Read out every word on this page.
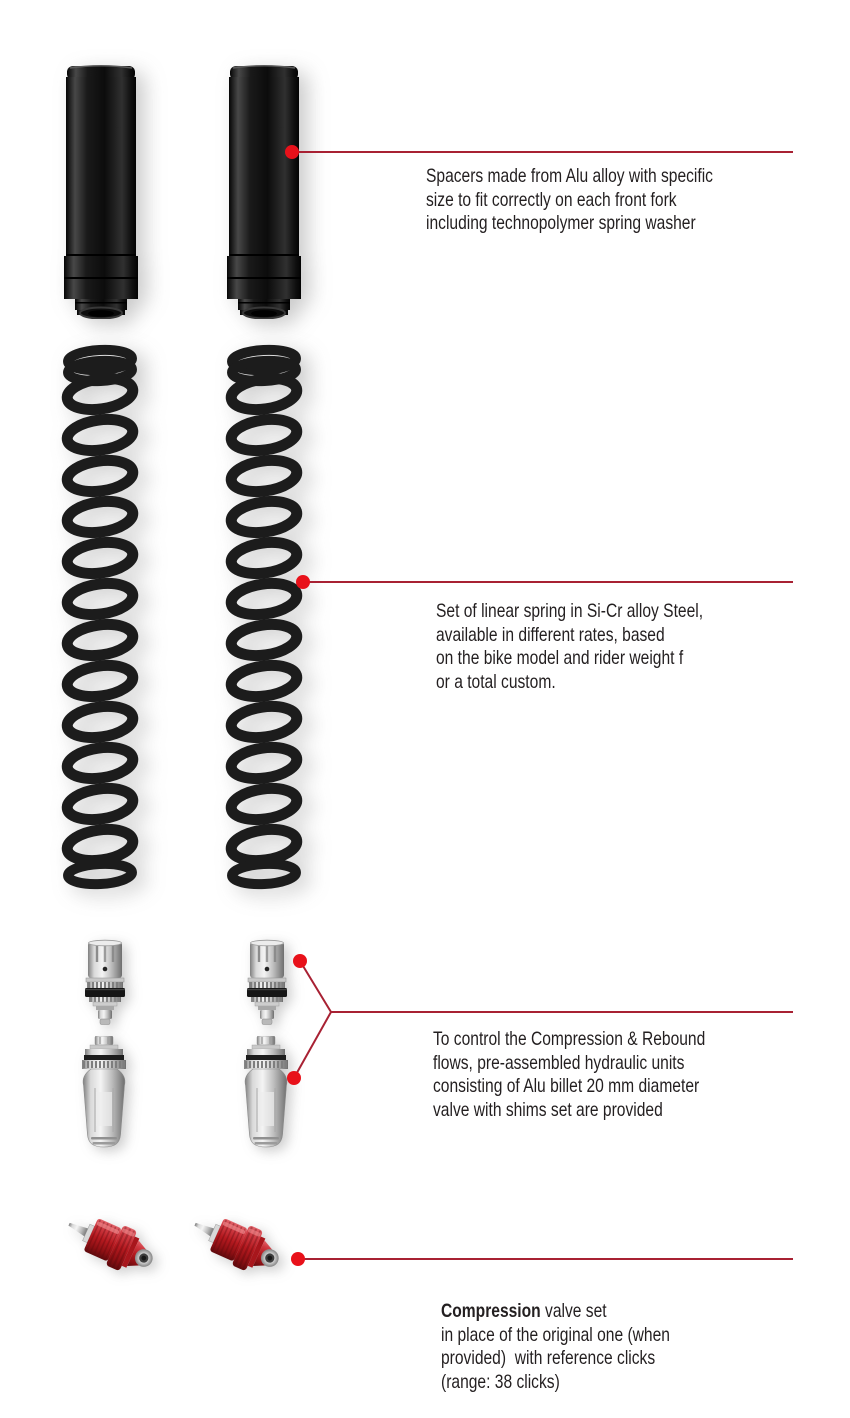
Spacers made from Alu alloy with specific
size to fit correctly on each front fork
including technopolymer spring washer
Set of linear spring in Si-Cr alloy Steel,
available in different rates, based
on the bike model and rider weight f
or a total custom.
To control the Compression & Rebound
flows, pre-assembled hydraulic units
consisting of Alu billet 20 mm diameter
valve with shims set are provided
Compression valve set
in place of the original one (when
provided)  with reference clicks
(range: 38 clicks)
